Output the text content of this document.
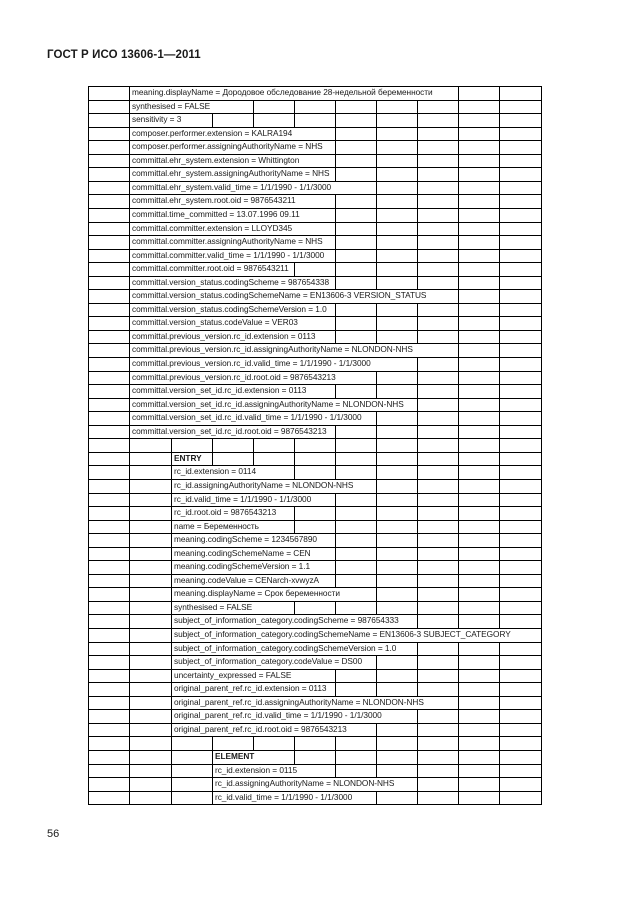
ГОСТ Р ИСО 13606-1—2011
meaning.displayName = Дородовое обследование 28-недельной беременности
synthesised = FALSE
sensitivity = 3
composer.performer.extension = KALRA194
composer.performer.assigningAuthorityName = NHS
committal.ehr_system.extension = Whittington
committal.ehr_system.assigningAuthorityName = NHS
committal.ehr_system.valid_time = 1/1/1990 - 1/1/3000
committal.ehr_system.root.oid = 9876543211
committal.time_committed = 13.07.1996 09.11
committal.committer.extension = LLOYD345
committal.committer.assigningAuthorityName = NHS
committal.committer.valid_time = 1/1/1990 - 1/1/3000
committal.committer.root.oid = 9876543211
committal.version_status.codingScheme = 987654338
committal.version_status.codingSchemeName = EN13606-3 VERSION_STATUS
committal.version_status.codingSchemeVersion = 1.0
committal.version_status.codeValue = VER03
committal.previous_version.rc_id.extension = 0113
committal.previous_version.rc_id.assigningAuthorityName = NLONDON-NHS
committal.previous_version.rc_id.valid_time = 1/1/1990 - 1/1/3000
committal.previous_version.rc_id.root.oid = 9876543213
committal.version_set_id.rc_id.extension = 0113
committal.version_set_id.rc_id.assigningAuthorityName = NLONDON-NHS
committal.version_set_id.rc_id.valid_time = 1/1/1990 - 1/1/3000
committal.version_set_id.rc_id.root.oid = 9876543213
ENTRY
rc_id.extension = 0114
rc_id.assigningAuthorityName = NLONDON-NHS
rc_id.valid_time = 1/1/1990 - 1/1/3000
rc_id.root.oid = 9876543213
name = Беременность
meaning.codingScheme = 1234567890
meaning.codingSchemeName = CEN
meaning.codingSchemeVersion = 1.1
meaning.codeValue = CENarch-xvwyzA
meaning.displayName = Срок беременности
synthesised = FALSE
subject_of_information_category.codingScheme = 987654333
subject_of_information_category.codingSchemeName = EN13606-3 SUBJECT_CATEGORY
subject_of_information_category.codingSchemeVersion = 1.0
subject_of_information_category.codeValue = DS00
uncertainty_expressed = FALSE
original_parent_ref.rc_id.extension = 0113
original_parent_ref.rc_id.assigningAuthorityName = NLONDON-NHS
original_parent_ref.rc_id.valid_time = 1/1/1990 - 1/1/3000
original_parent_ref.rc_id.root.oid = 9876543213
ELEMENT
rc_id.extension = 0115
rc_id.assigningAuthorityName = NLONDON-NHS
rc_id.valid_time = 1/1/1990 - 1/1/3000
56
